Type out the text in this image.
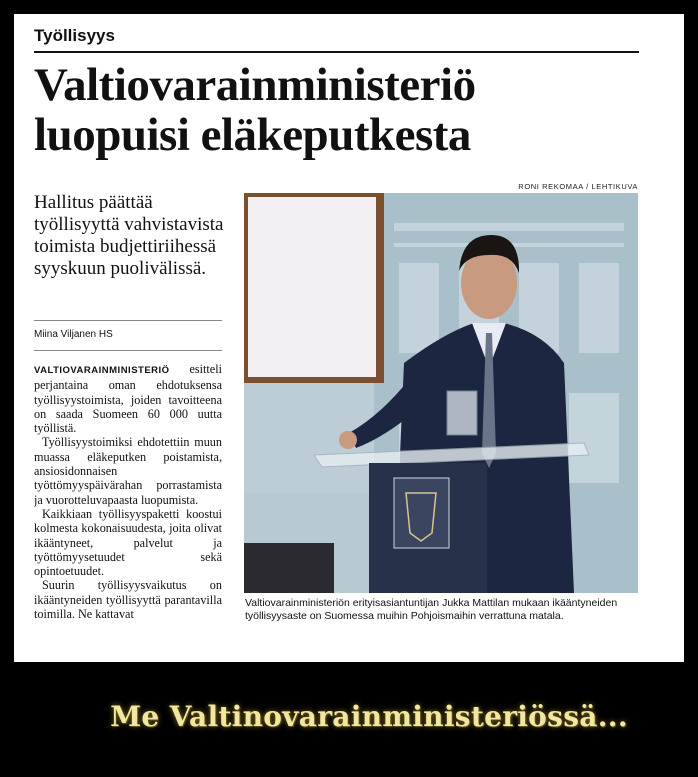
Työllisyys
Valtiovarainministeriö
luopuisi eläkeputkesta
RONI REKOMAA / LEHTIKUVA
Hallitus päättää työllisyyttä vahvistavista toimista budjettiriihessä syyskuun puolivälissä.
Miina Viljanen HS

VALTIOVARAINMINISTERIÖ esitteli perjantaina oman ehdotuksensa työllisyystoimista, joiden tavoitteena on saada Suomeen 60 000 uutta työllistä.

Työllisyystoimiksi ehdotettiin muun muassa eläkeputken poistamista, ansiosidonnaisen työttömyyspäivärahan porrastamista ja vuorotteluvapaasta luopumista.

Kaikkiaan työllisyyspaketti koostui kolmesta kokonaisuudesta, joita olivat ikääntyneet, palvelut ja työttömyysetuudet sekä opintoetuudet.

Suurin työllisyysvaikutus on ikääntyneiden työllisyyttä parantavilla toimilla. Ne kattavat

Valtiovarainministeriön erityisasiantuntijan Jukka Mattilan mukaan ikääntyneiden työllisyysaste on Suomessa muihin Pohjoismaihin verrattuna matala.
Me Valtinovarainministeriössä...
